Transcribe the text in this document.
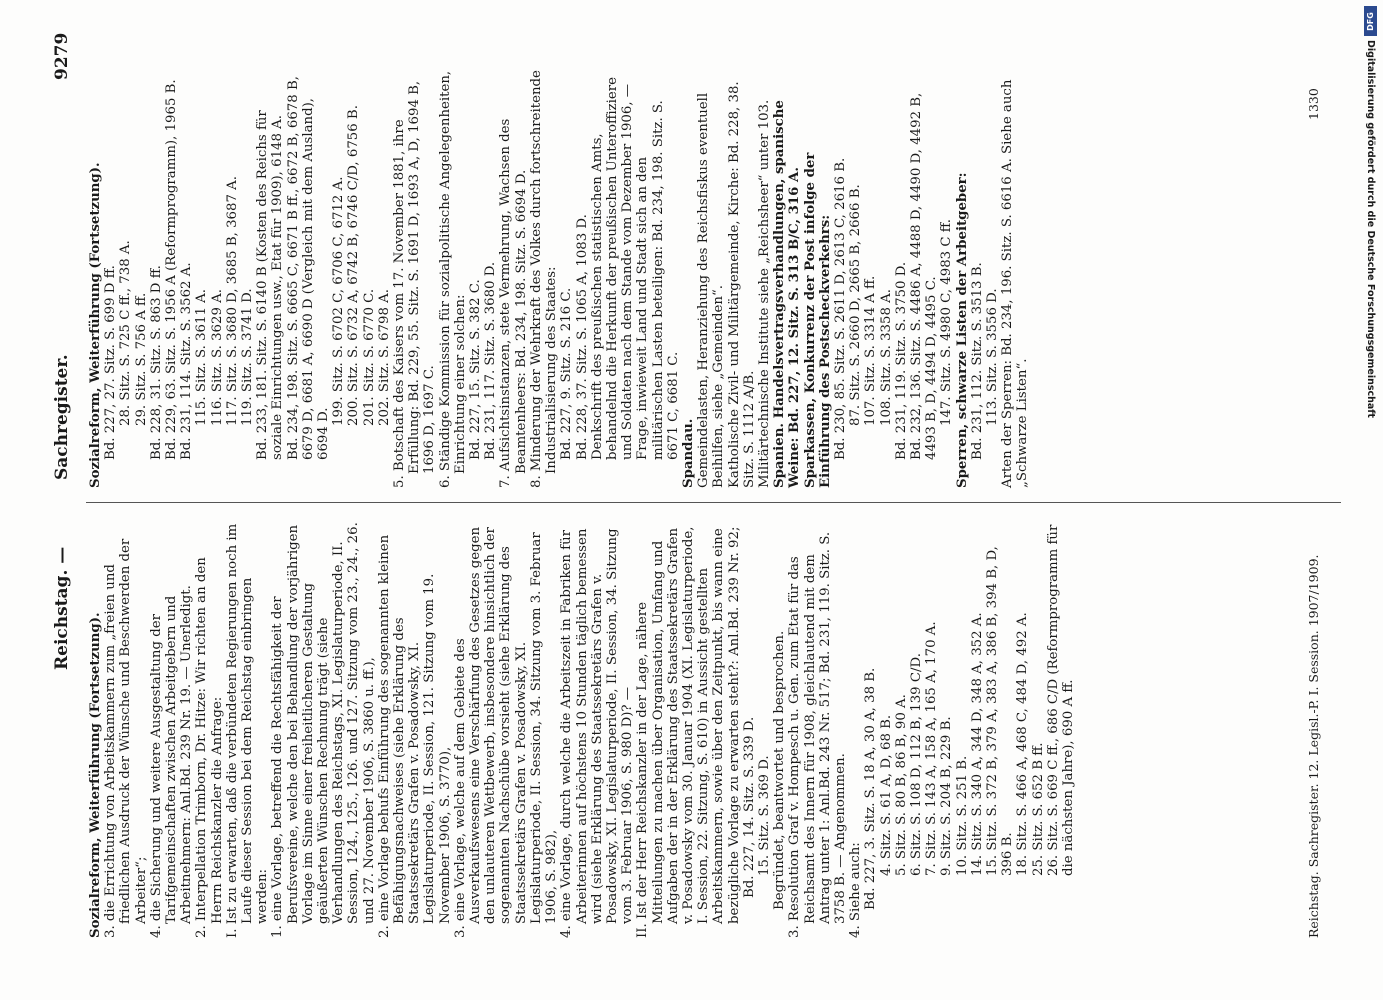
Reichstag. —
Sachregister.
9279

Sozialreform, Weiterführung (Fortsetzung). 3. die Errichtung von Arbeitskammern zum „freien und friedlichen Ausdruck der Wünsche und Beschwerden der Arbeiter“; 4. die Sicherung und weitere Ausgestaltung der Tarifgemeinschaften zwischen Arbeitgebern und Arbeitnehmern: Anl.Bd. 239 Nr. 19. — Unerledigt. 2. Interpellation Trimborn, Dr. Hitze: Wir richten an den Herrn Reichskanzler die Anfrage: I. Ist zu erwarten, daß die verbündeten Regierungen noch im Laufe dieser Session bei dem Reichstag einbringen werden: 1. eine Vorlage, betreffend die Rechtsfähigkeit der Berufsvereine, welche den bei Behandlung der vorjährigen Vorlage im Sinne einer freiheitlicheren Gestaltung geäußerten Wünschen Rechnung trägt (siehe Verhandlungen des Reichstags, XI. Legislaturperiode, II. Session, 124., 125., 126. und 127. Sitzung vom 23., 24., 26. und 27. November 1906, S. 3860 u. ff.), 2. eine Vorlage behufs Einführung des sogenannten kleinen Befähigungsnachweises (siehe Erklärung des Staatssekretärs Grafen v. Posadowsky, XI. Legislaturperiode, II. Session, 121. Sitzung vom 19. November 1906, S. 3770), 3. eine Vorlage, welche auf dem Gebiete des Ausverkaufswesens eine Verschärfung des Gesetzes gegen den unlauteren Wettbewerb, insbesondere hinsichtlich der sogenannten Nachschübe vorsieht (siehe Erklärung des Staatssekretärs Grafen v. Posadowsky, XI. Legislaturperiode, II. Session, 34. Sitzung vom 3. Februar 1906, S. 982), 4. eine Vorlage, durch welche die Arbeitszeit in Fabriken für Arbeiterinnen auf höchstens 10 Stunden täglich bemessen wird (siehe Erklärung des Staatssekretärs Grafen v. Posadowsky, XI. Legislaturperiode, II. Session, 34. Sitzung vom 3. Februar 1906, S. 980 D)? — II. Ist der Herr Reichskanzler in der Lage, nähere Mitteilungen zu machen über Organisation, Umfang und Aufgaben der in der Erklärung des Staatssekretärs Grafen v. Posadowsky vom 30. Januar 1904 (XI. Legislaturperiode, I. Session, 22. Sitzung, S. 610) in Aussicht gestellten Arbeitskammern, sowie über den Zeitpunkt, bis wann eine bezügliche Vorlage zu erwarten steht?: Anl.Bd. 239 Nr. 92; Bd. 227, 14. Sitz. S. 339 D. 15. Sitz. S. 369 D. Begründet, beantwortet und besprochen. 3. Resolution Graf v. Hompesch u. Gen. zum Etat für das Reichsamt des Innern für 1908, gleichlautend mit dem Antrag unter 1: Anl.Bd. 243 Nr. 517; Bd. 231, 119. Sitz. S. 3758 B. — Angenommen. 4. Siehe auch: Bd. 227, 3. Sitz. S. 18 A, 30 A, 38 B. 4. Sitz. S. 61 A, D, 68 B. 5. Sitz. S. 80 B, 86 B, 90 A. 6. Sitz. S. 108 D, 112 B, 139 C/D. 7. Sitz. S. 143 A, 158 A, 165 A, 170 A. 9. Sitz. S. 204 B, 229 B. 10. Sitz. S. 251 B. 14. Sitz. S. 340 A, 344 D, 348 A, 352 A. 15. Sitz. S. 372 B, 379 A, 383 A, 386 B, 394 B, D, 396 B. 18. Sitz. S. 466 A, 468 C, 484 D, 492 A. 25. Sitz. S. 652 B ff. 26. Sitz. S. 669 C ff., 686 C/D (Reformprogramm für die nächsten Jahre), 690 A ff.

Sozialreform, Weiterführung (Fortsetzung). Bd. 227, 27. Sitz. S. 699 D ff. 28. Sitz. S. 725 C ff., 738 A. 29. Sitz. S. 756 A ff. Bd. 228, 31. Sitz. S. 863 D ff. Bd. 229, 63. Sitz. S. 1956 A (Reformprogramm), 1965 B. Bd. 231, 114. Sitz. S. 3562 A. 115. Sitz. S. 3611 A. 116. Sitz. S. 3629 A. 117. Sitz. S. 3680 D, 3685 B, 3687 A. 119. Sitz. S. 3741 D. Bd. 233, 181. Sitz. S. 6140 B (Kosten des Reichs für soziale Einrichtungen usw., Etat für 1909), 6148 A. Bd. 234, 198. Sitz. S. 6665 C, 6671 B ff., 6672 B, 6678 B, 6679 D, 6681 A, 6690 D (Vergleich mit dem Ausland), 6694 D.

199. Sitz. S. 6702 C, 6706 C, 6712 A. 200. Sitz. S. 6732 A, 6742 B, 6746 C/D, 6756 B. 201. Sitz. S. 6770 C. 202. Sitz. S. 6798 A. 5. Botschaft des Kaisers vom 17. November 1881, ihre Erfüllung: Bd. 229, 55. Sitz. S. 1691 D, 1693 A, D, 1694 B, 1696 D, 1697 C. 6. Ständige Kommission für sozialpolitische Angelegenheiten, Einrichtung einer solchen: Bd. 227, 15. Sitz. S. 382 C. Bd. 231, 117. Sitz. S. 3680 D. 7. Aufsichtsinstanzen, stete Vermehrung, Wachsen des Beamtenheers: Bd. 234, 198. Sitz. S. 6694 D. 8. Minderung der Wehrkraft des Volkes durch fortschreitende Industrialisierung des Staates: Bd. 227, 9. Sitz. S. 216 C. Bd. 228, 37. Sitz. S. 1065 A, 1083 D. Denkschrift des preußischen statistischen Amts, behandelnd die Herkunft der preußischen Unteroffiziere und Soldaten nach dem Stande vom Dezember 1906, — Frage, inwieweit Land und Stadt sich an den militärischen Lasten beteiligen: Bd. 234, 198. Sitz. S. 6671 C, 6681 C. Spandau. Gemeindelasten, Heranziehung des Reichsfiskus eventuell Beihilfen, siehe „Gemeinden“. Katholische Zivil- und Militärgemeinde, Kirche: Bd. 228, 38. Sitz. S. 1112 A/B. Militärtechnische Institute siehe „Reichsheer“ unter 103. Spanien. Handelsvertragsverhandlungen, spanische Weine: Bd. 227, 12. Sitz. S. 313 B/C, 316 A. Sparkassen, Konkurrenz der Post infolge der Einführung des Postscheckverkehrs: Bd. 230, 85. Sitz. S. 2611 D, 2613 C, 2616 B. 87. Sitz. S. 2660 D, 2665 B, 2666 B. 107. Sitz. S. 3314 A ff. 108. Sitz. S. 3358 A. Bd. 231, 119. Sitz. S. 3750 D. Bd. 232, 136. Sitz. S. 4486 A, 4488 D, 4490 D, 4492 B, 4493 B, D, 4494 D, 4495 C. 147. Sitz. S. 4980 C, 4983 C ff. Sperren, schwarze Listen der Arbeitgeber: Bd. 231, 112. Sitz. S. 3513 B. 113. Sitz. S. 3556 D. Arten der Sperren: Bd. 234, 196. Sitz. S. 6616 A. Siehe auch „Schwarze Listen“.

Reichstag. Sachregister. 12. Legisl.-P. I. Session. 1907/1909.
1330
DFG
Digitalisierung gefördert durch die Deutsche Forschungsgemeinschaft
